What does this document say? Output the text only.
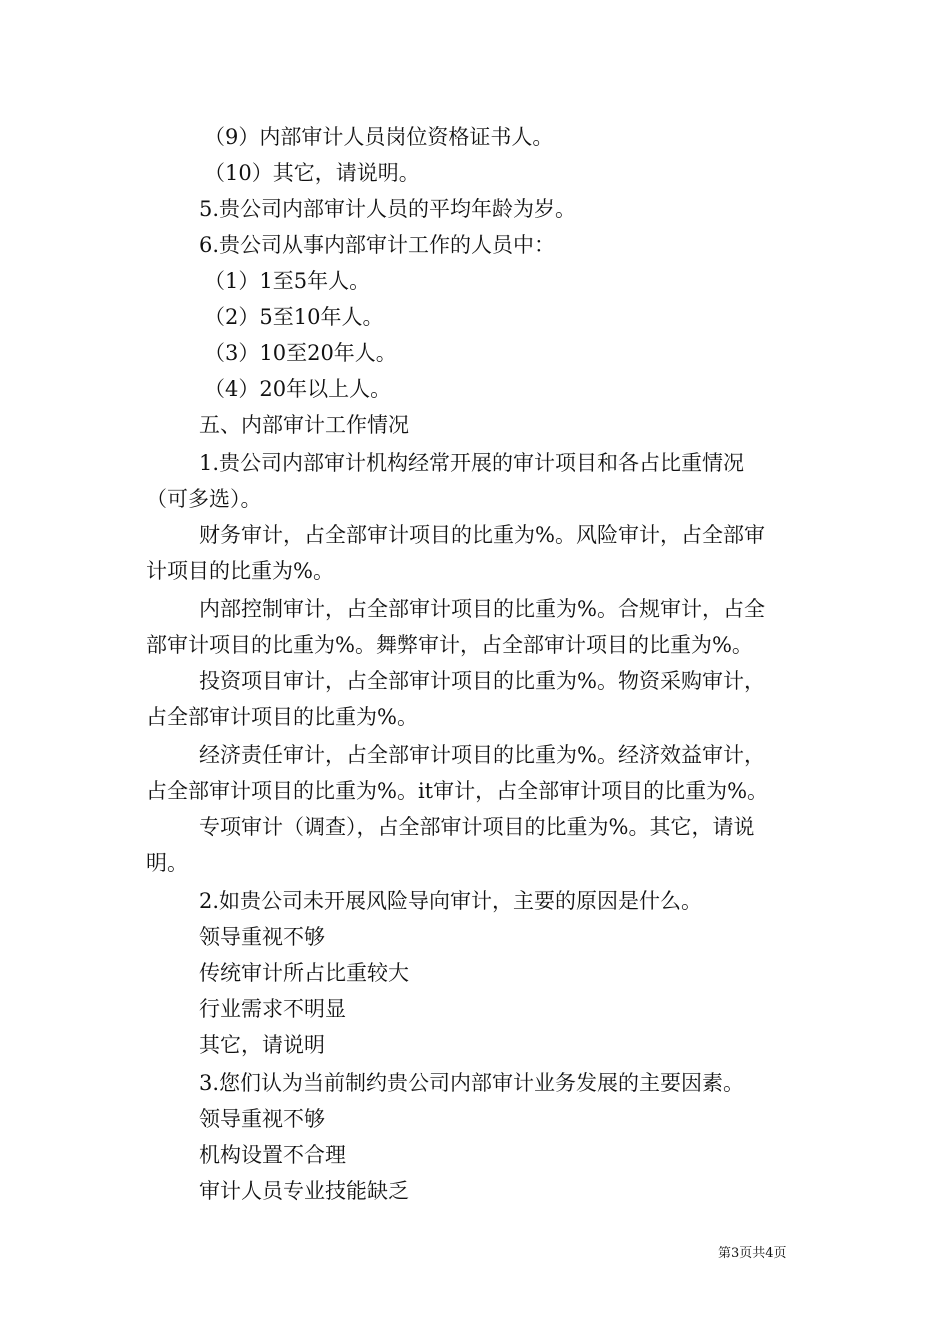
（9）内部审计人员岗位资格证书人。
（10）其它，请说明。
5.贵公司内部审计人员的平均年龄为岁。
6.贵公司从事内部审计工作的人员中：
（1）1至5年人。
（2）5至10年人。
（3）10至20年人。
（4）20年以上人。
五、内部审计工作情况
1.贵公司内部审计机构经常开展的审计项目和各占比重情况
（可多选）。
财务审计，占全部审计项目的比重为%。风险审计，占全部审
计项目的比重为%。
内部控制审计，占全部审计项目的比重为%。合规审计，占全
部审计项目的比重为%。舞弊审计，占全部审计项目的比重为%。
投资项目审计，占全部审计项目的比重为%。物资采购审计，
占全部审计项目的比重为%。
经济责任审计，占全部审计项目的比重为%。经济效益审计，
占全部审计项目的比重为%。it审计，占全部审计项目的比重为%。
专项审计（调查），占全部审计项目的比重为%。其它，请说
明。
2.如贵公司未开展风险导向审计，主要的原因是什么。
领导重视不够
传统审计所占比重较大
行业需求不明显
其它，请说明
3.您们认为当前制约贵公司内部审计业务发展的主要因素。
领导重视不够
机构设置不合理
审计人员专业技能缺乏
第3页共4页
